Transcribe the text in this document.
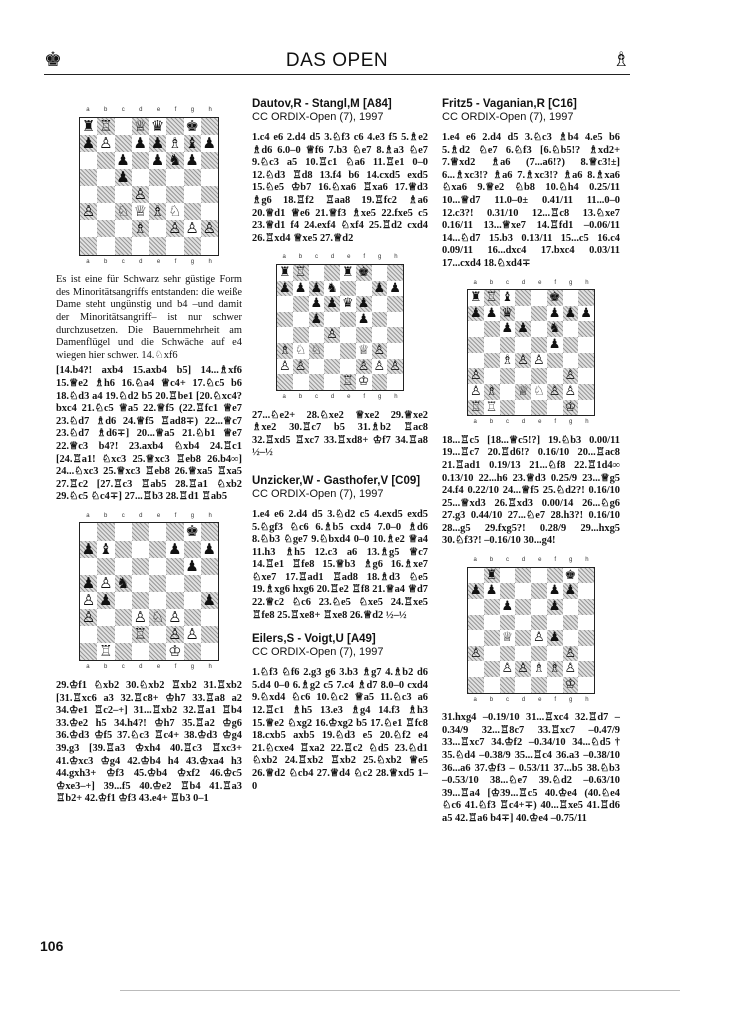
♚	DAS OPEN	♗
a b c d e f g h
♜ ♖ ♕ ♛ ♚
♟ ♙ ♟ ♟ ♗ ♝ ♟
♟ ♟ ♞ ♟
♟
♙
♙ ♘ ♕ ♗ ♘
♗ ♙ ♙ ♙
a b c d e f g h

Es ist eine für Schwarz sehr güstige Form des Minoritätsangriffs entstanden: die weiße Dame steht ungünstig und b4 –und damit der Minoritätsangriff– ist nur schwer durchzusetzen. Die Bauernmehrheit am Damenflügel und die Schwäche auf e4 wiegen hier schwer. 14.♘xf6

[14.b4?! axb4 15.axb4 b5] 14...♗xf6 15.♕e2 ♗h6 16.♘a4 ♕c4+ 17.♘c5 b6 18.♘d3 a4 19.♘d2 b5 20.♖be1 [20.♘xc4? bxc4 21.♘c5 ♕a5 22.♕f5 (22.♖fc1 ♕e7 23.♘d7 ♗d6 24.♕f5 ♖ad8∓) 22...♕c7 23.♘d7 ♗d6∓] 20...♕a5 21.♘b1 ♕e7 22.♕c3 b4?! 23.axb4 ♘xb4 24.♖c1 [24.♖a1! ♘xc3 25.♕xc3 ♖eb8 26.b4∞] 24...♘xc3 25.♕xc3 ♖eb8 26.♕xa5 ♖xa5 27.♖c2 [27.♖c3 ♖ab5 28.♖a1 ♘xb2 29.♘c5 ♘c4∓] 27...♖b3 28.♖d1 ♖ab5

a b c d e f g h
♚
♟ ♝	♟ ♟
♟
♟ ♙ ♞
♙ ♟	♟
♙	♙ ♘ ♙
♖ ♙ ♙
♖	♔
a b c d e f g h

29.♔f1 ♘xb2 30.♘xb2 ♖xb2 31.♖xb2 [31.♖xc6 a3 32.♖c8+ ♔h7 33.♖a8 a2 34.♔e1 ♖c2–+] 31...♖xb2 32.♖a1 ♖b4 33.♔e2 h5 34.h4?! ♔h7 35.♖a2 ♔g6 36.♔d3 ♔f5 37.♘c3 ♖c4+ 38.♔d3 ♔g4 39.g3 [39.♖a3 ♔xh4 40.♖c3 ♖xc3+ 41.♔xc3 ♔g4 42.♔b4 h4 43.♔xa4 h3 44.gxh3+ ♔f3 45.♔b4 ♔xf2 46.♔c5 ♔xe3–+] 39...f5 40.♔e2 ♖b4 41.♖a3 ♖b2+ 42.♔f1 ♔f3 43.e4+ ♖b3 0–1

Dautov,R - Stangl,M [A84]
CC ORDIX-Open (7), 1997

1.c4 e6 2.d4 d5 3.♘f3 c6 4.e3 f5 5.♗e2 ♗d6 6.0–0 ♕f6 7.b3 ♘e7 8.♗a3 ♘e7 9.♘c3 a5 10.♖c1 ♘a6 11.♖e1 0–0 12.♘d3 ♖d8 13.f4 b6 14.cxd5 exd5 15.♘e5 ♔b7 16.♘xa6 ♖xa6 17.♕d3 ♗g6 18.♖f2 ♖aa8 19.♖fc2 ♗a6 20.♕d1 ♕e6 21.♕f3 ♗xe5 22.fxe5 c5 23.♕d1 f4 24.exf4 ♘xf4 25.♖d2 cxd4 26.♖xd4 ♕xe5 27.♕d2

a b c d e f g h
♜ ♖	♜ ♚
♟ ♟ ♟ ♞	♟ ♟
♟ ♟ ♛ ♟
♟	♟
♙
♗ ♘ ♘	♕ ♙
♙ ♙	♙ ♙ ♙
♖ ♔
a b c d e f g h

27...♘e2+ 28.♘xe2 ♕xe2 29.♕xe2 ♗xe2 30.♖c7 b5 31.♗b2 ♖ac8 32.♖xd5 ♖xc7 33.♖xd8+ ♔f7 34.♖a8 ½–½

Unzicker,W - Gasthofer,V [C09]
CC ORDIX-Open (7), 1997

1.e4 e6 2.d4 d5 3.♘d2 c5 4.exd5 exd5 5.♘gf3 ♘c6 6.♗b5 cxd4 7.0–0 ♗d6 8.♘b3 ♘ge7 9.♘bxd4 0–0 10.♗e2 ♕a4 11.h3 ♗h5 12.c3 a6 13.♗g5 ♕c7 14.♖e1 ♖fe8 15.♕b3 ♗g6 16.♗xe7 ♘xe7 17.♖ad1 ♖ad8 18.♗d3 ♘e5 19.♗xg6 hxg6 20.♖e2 ♖f8 21.♕a4 ♕d7 22.♕c2 ♘c6 23.♘e5 ♘xe5 24.♖xe5 ♖fe8 25.♖xe8+ ♖xe8 26.♕d2 ½–½

Eilers,S - Voigt,U [A49]
CC ORDIX-Open (7), 1997

1.♘f3 ♘f6 2.g3 g6 3.b3 ♗g7 4.♗b2 d6 5.d4 0–0 6.♗g2 c5 7.c4 ♗d7 8.0–0 cxd4 9.♘xd4 ♘c6 10.♘c2 ♕a5 11.♘c3 a6 12.♖c1 ♗h5 13.e3 ♗g4 14.f3 ♗h3 15.♕e2 ♘xg2 16.♔xg2 b5 17.♘e1 ♖fc8 18.cxb5 axb5 19.♘d3 e5 20.♘f2 e4 21.♘cxe4 ♖xa2 22.♖c2 ♘d5 23.♘d1 ♘xb2 24.♖xb2 ♖xb2 25.♘xb2 ♕e5 26.♕d2 ♘cb4 27.♕d4 ♘c2 28.♕xd5 1–0

Fritz5 - Vaganian,R [C16]
CC ORDIX-Open (7), 1997

1.e4 e6 2.d4 d5 3.♘c3 ♗b4 4.e5 b6 5.♗d2 ♘e7 6.♘f3 [6.♘b5!? ♗xd2+ 7.♕xd2 ♗a6 (7...a6!?) 8.♕c3!±] 6...♗xc3!? ♗a6 7.♗xc3!? ♗a6 8.♗xa6 ♘xa6 9.♕e2 ♘b8 10.♘h4 0.25/11 10...♕d7 11.0–0± 0.41/11 11...0–0 12.c3?! 0.31/10 12...♖c8 13.♘xe7 0.16/11 13...♕xe7 14.♖fd1 –0.06/11 14...♘d7 15.b3 0.13/11 15...c5 16.c4 0.09/11 16...dxc4 17.bxc4 0.03/11 17...cxd4 18.♘xd4∓

a b c d e f g h
♜ ♖ ♝	♚
♟ ♟ ♛	♟ ♟ ♟
♟ ♟ ♞
♟
♗ ♙ ♙
♙	♙
♙ ♗ ♕ ♘ ♙ ♙
♖ ♖	♔
a b c d e f g h

18...♖c5 [18...♕c5!?] 19.♘b3 0.00/11 19...♖c7 20.♖d6!? 0.16/10 20...♖ac8 21.♖ad1 0.19/13 21...♘f8 22.♖1d4∞ 0.13/10 22...h6 23.♕d3 0.25/9 23...♕g5 24.f4 0.22/10 24...♕f5 25.♘d2?! 0.16/10 25...♕xd3 26.♖xd3 0.00/14 26...♘g6 27.g3 0.44/10 27...♘e7 28.h3?! 0.16/10 28...g5 29.fxg5?! 0.28/9 29...hxg5 30.♘f3?! –0.16/10 30...g4!

a b c d e f g h
♜	♚
♟ ♟	♟ ♟
♟	♟
♕ ♙ ♟
♙	♙
♙ ♙ ♗ ♗ ♙
♔
a b c d e f g h

31.hxg4 –0.19/10 31...♖xc4 32.♖d7 –0.34/9 32...♖8c7 33.♖xc7 –0.47/9 33...♖xc7 34.♔f2 –0.34/10 34...♘d5† 35.♘d4 –0.38/9 35...♖c4 36.a3 –0.38/10 36...a6 37.♔f3 – 0.53/11 37...b5 38.♘b3 –0.53/10 38...♘e7 39.♘d2 –0.63/10 39...♖a4 [♔39...♖c5 40.♔e4 (40.♘e4 ♘c6 41.♘f3 ♖c4+∓) 40...♖xe5 41.♖d6 a5 42.♖a6 b4∓] 40.♔e4 –0.75/11

106
